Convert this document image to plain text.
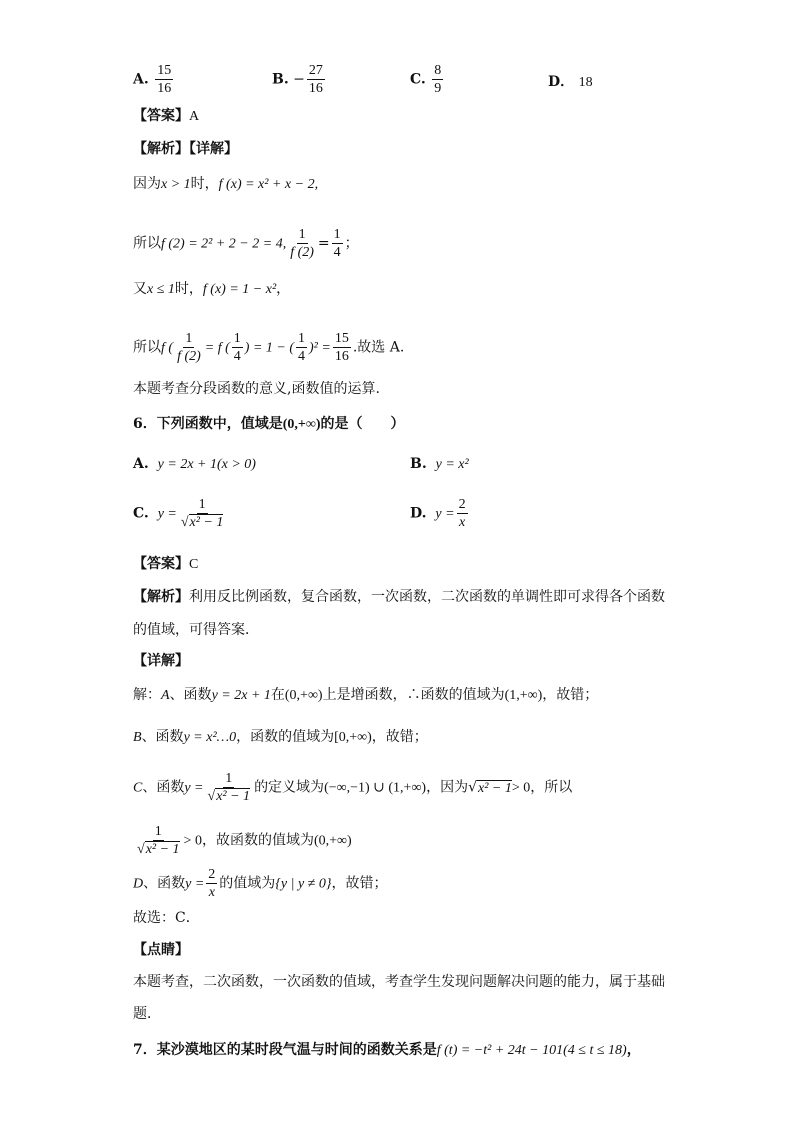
A. $\frac{15}{16}$	B. − $\frac{27}{16}$	C. $\frac{8}{9}$	D． 18
【答案】A
【解析】【详解】
因为x > 1时，f (x) = x² + x − 2,
所以f (2) = 2² + 2 − 2 = 4, $\frac{1}{f (2)} = \frac{1}{4}$ ；
又x ≤ 1时，f (x) = 1 − x²，
所以f ( $\frac{1}{f (2)} = f$ ( $\frac{1}{4}$ ) = 1 − ( $\frac{1}{4} )^2 = \frac{15}{16}$ .故选 A.
本题考查分段函数的意义,函数值的运算.
6．下列函数中，值域是(0,+∞)的是（　　）
A. y = 2x + 1(x > 0)	B. y = x²
C. $y = \frac{1}{\text{√x² − 1}}$	D. $y = \frac{2}{x}$
【答案】C
【解析】利用反比例函数，复合函数，一次函数，二次函数的单调性即可求得各个函数
的值域，可得答案．
【详解】
解：A、函数y = 2x + 1在(0,+∞)上是增函数，∴函数的值域为(1,+∞)，故错；
B、函数y = x²…0，函数的值域为[0,+∞)，故错；
C、函数$y = \frac{1}{\text{√x² − 1}}$ 的定义域为(−∞,−1) ∪ (1,+∞)，因为√x² − 1> 0，所以
$\frac{1}{\text{√x² − 1}} > 0$，故函数的值域为(0,+∞)
D、函数$y = \frac{2}{x}$ 的值域为{y | y ≠ 0}，故错；
故选：C．
【点睛】
本题考查，二次函数，一次函数的值域，考查学生发现问题解决问题的能力，属于基础
题．
7．某沙漠地区的某时段气温与时间的函数关系是f (t) = −t² + 24t − 101(4 ≤ t ≤ 18)，
